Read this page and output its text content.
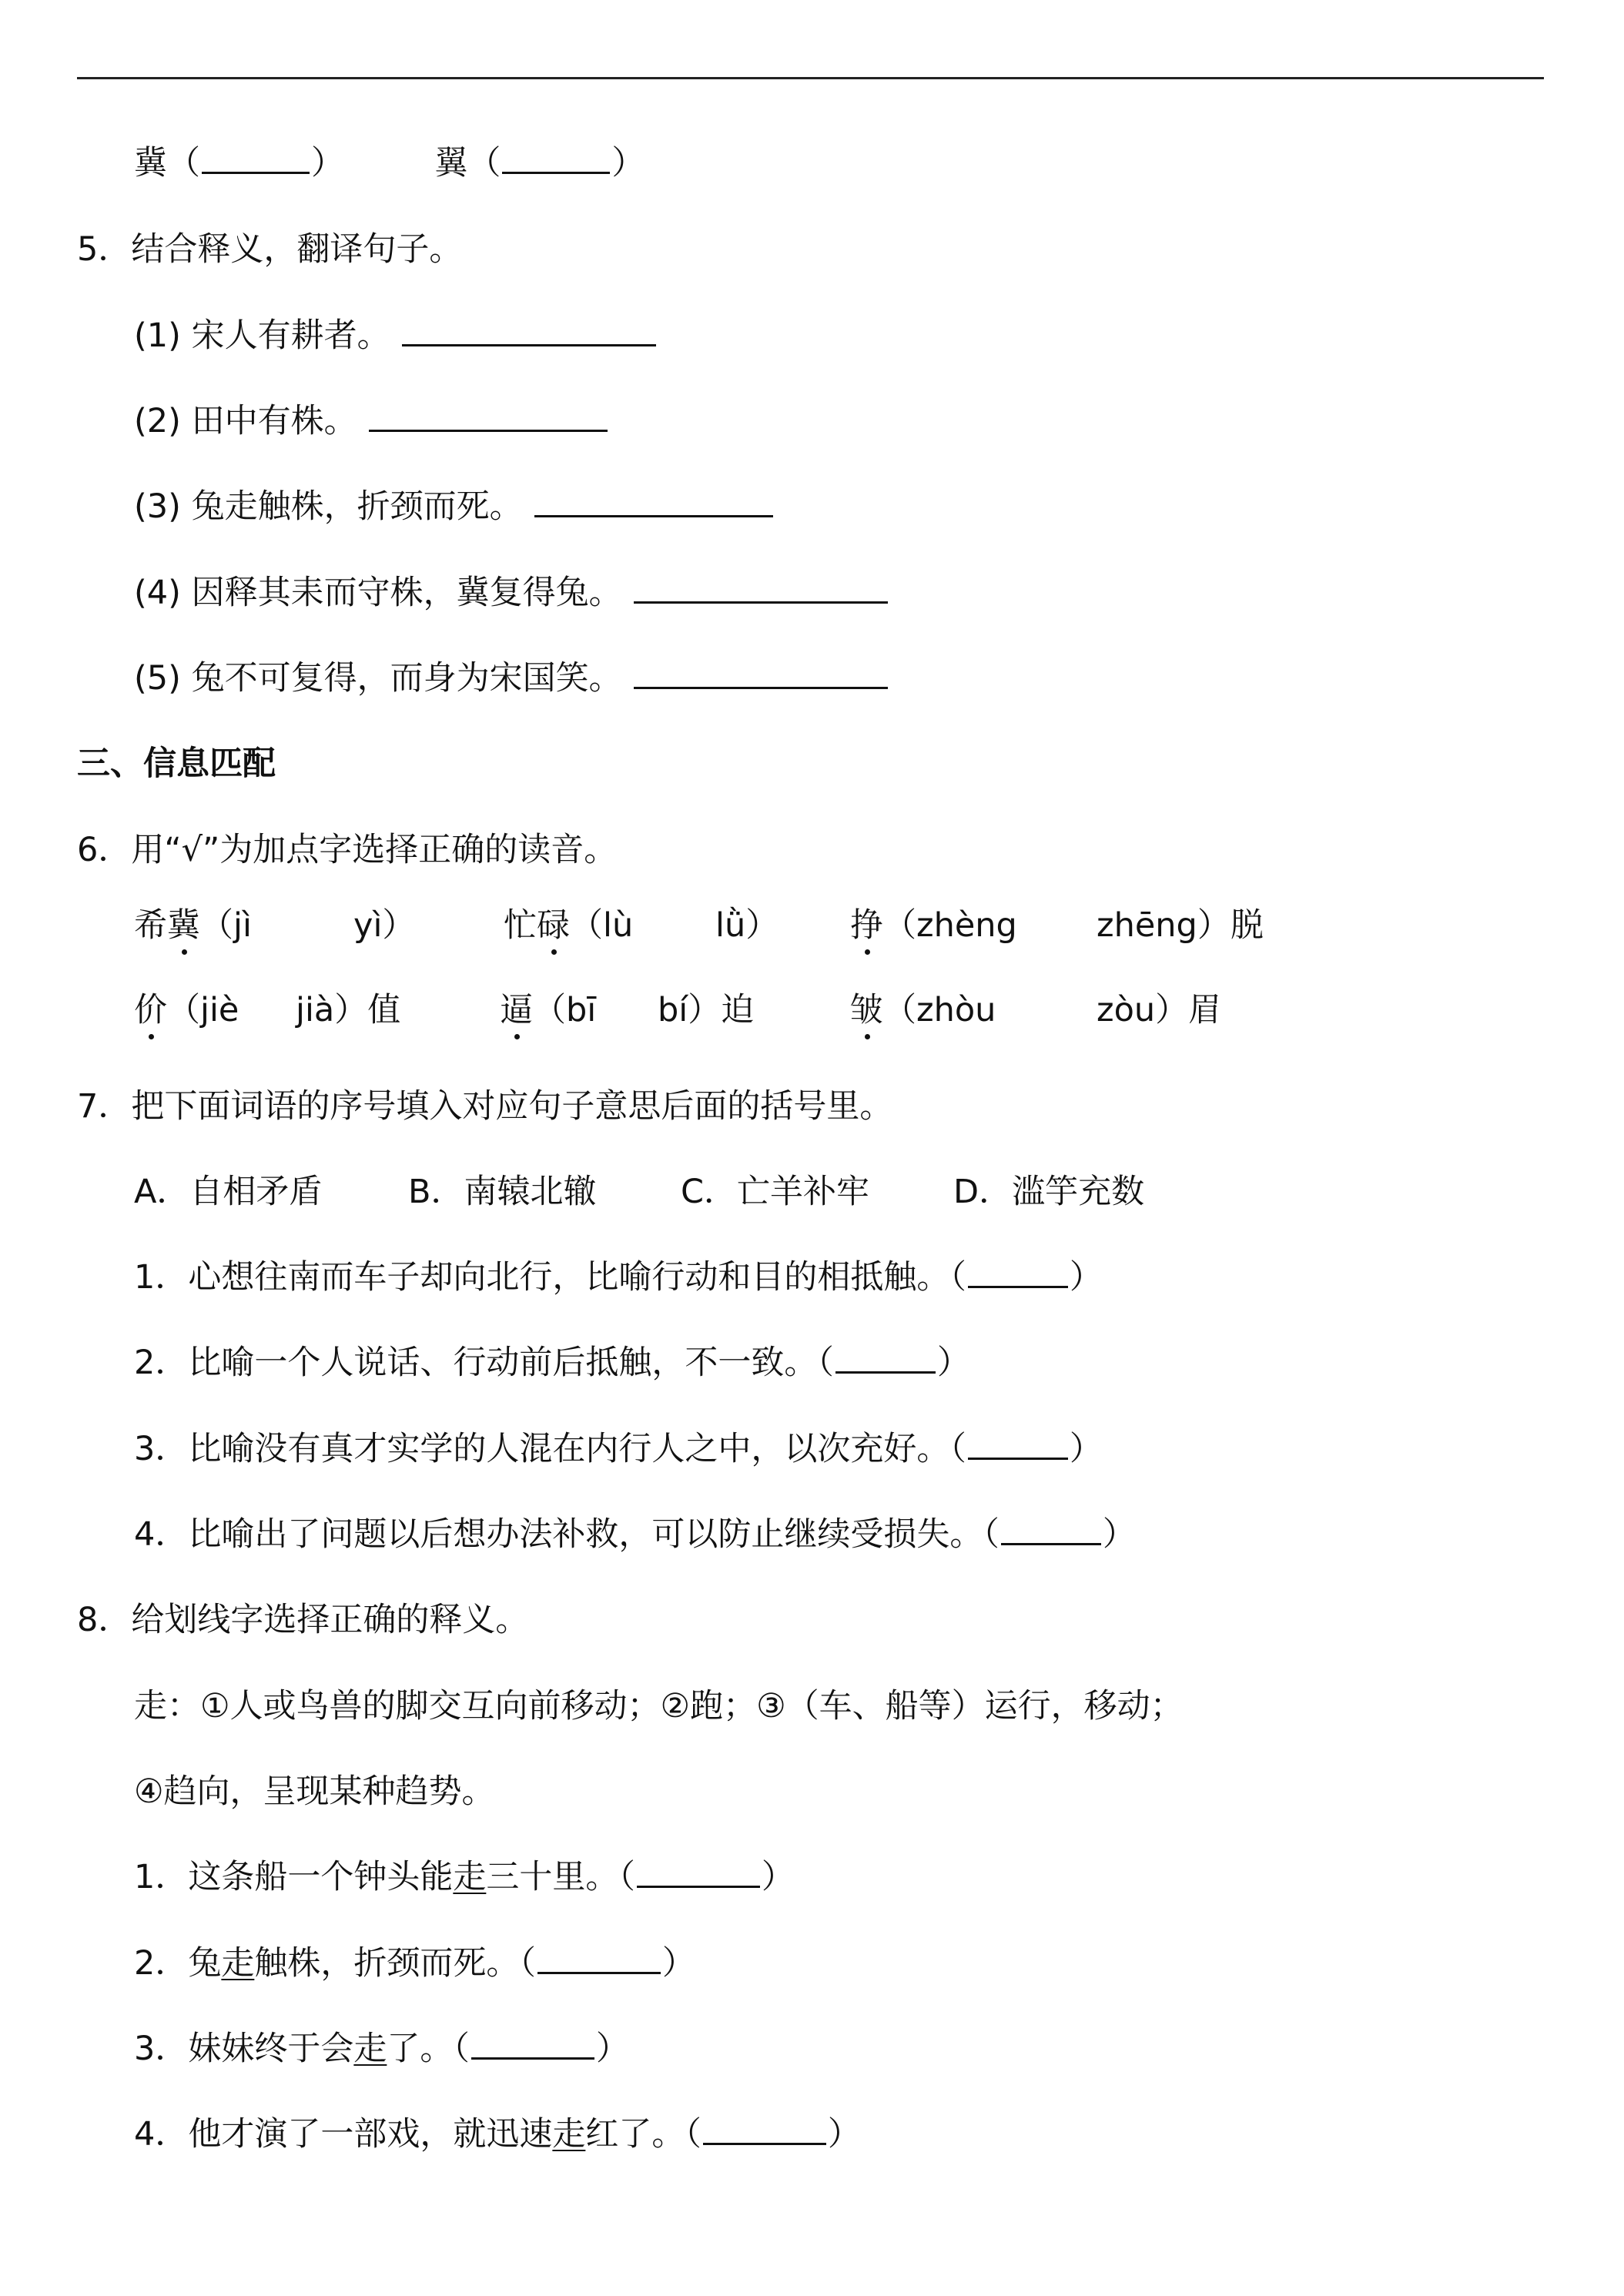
冀（	）	翼（	）
5．结合释义，翻译句子。
(1) 宋人有耕者。
(2) 田中有株。
(3) 兔走触株，折颈而死。
(4) 因释其耒而守株，冀复得兔。
(5) 兔不可复得，而身为宋国笑。
三、信息匹配
6．用“√”为加点字选择正确的读音。
希冀（jì	yì）	忙碌（lù lǜ） 挣（zhèng zhēng）脱
价（jiè jià）值	逼（bī bí）迫	皱（zhòu	zòu）眉
7．把下面词语的序号填入对应句子意思后面的括号里。
A．自相矛盾	B．南辕北辙	C．亡羊补牢	D．滥竽充数
1．心想往南而车子却向北行，比喻行动和目的相抵触。（	）
2．比喻一个人说话、行动前后抵触，不一致。（	）
3．比喻没有真才实学的人混在内行人之中，以次充好。（	）
4．比喻出了问题以后想办法补救，可以防止继续受损失。（	）
8．给划线字选择正确的释义。
走：①人或鸟兽的脚交互向前移动；②跑；③（车、船等）运行，移动；
④趋向，呈现某种趋势。
1．这条船一个钟头能走三十里。（	）
2．兔走触株，折颈而死。（	）
3．妹妹终于会走了。（	）
4．他才演了一部戏，就迅速走红了。（	）
